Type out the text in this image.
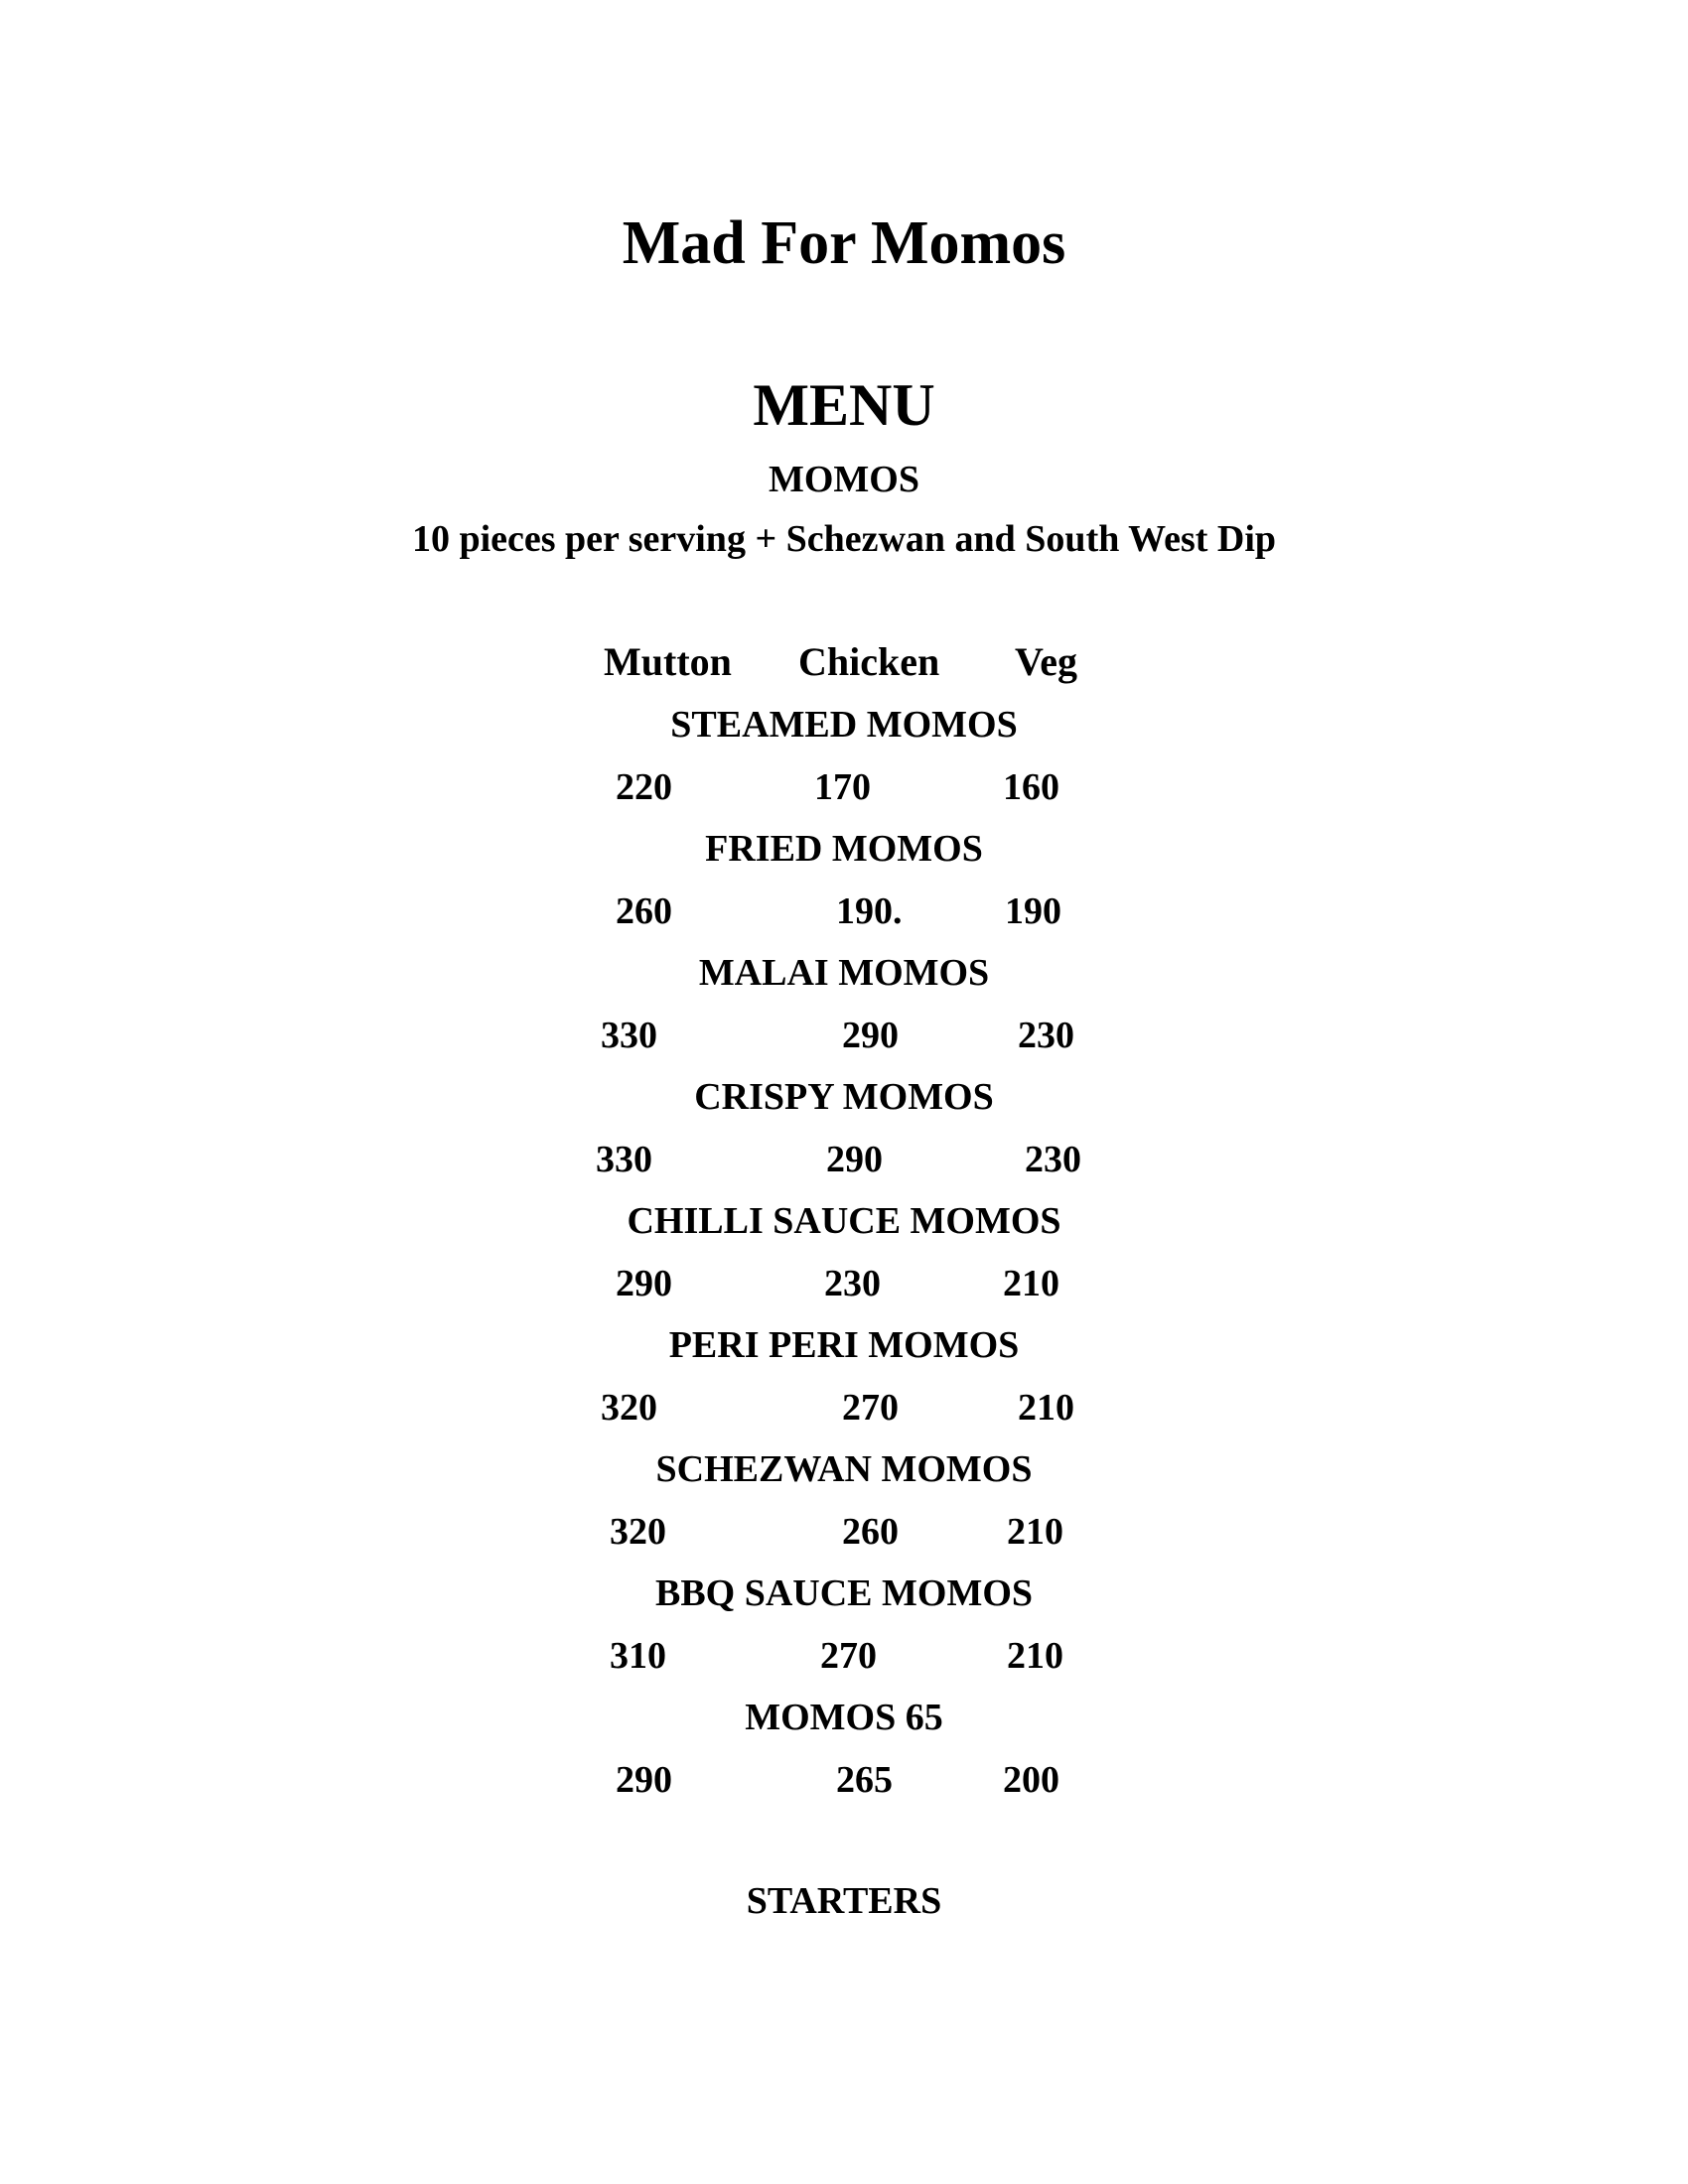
Mad For Momos
MENU
MOMOS
10 pieces per serving + Schezwan and South West Dip
Mutton Chicken Veg
STEAMED MOMOS
220	170	160
FRIED MOMOS
260	190.	190
MALAI MOMOS
330	290	230
CRISPY MOMOS
330	290	230
CHILLI SAUCE MOMOS
290	230	210
PERI PERI MOMOS
320	270	210
SCHEZWAN MOMOS
320	260	210
BBQ SAUCE MOMOS
310	270	210
MOMOS 65
290	265	200
STARTERS
